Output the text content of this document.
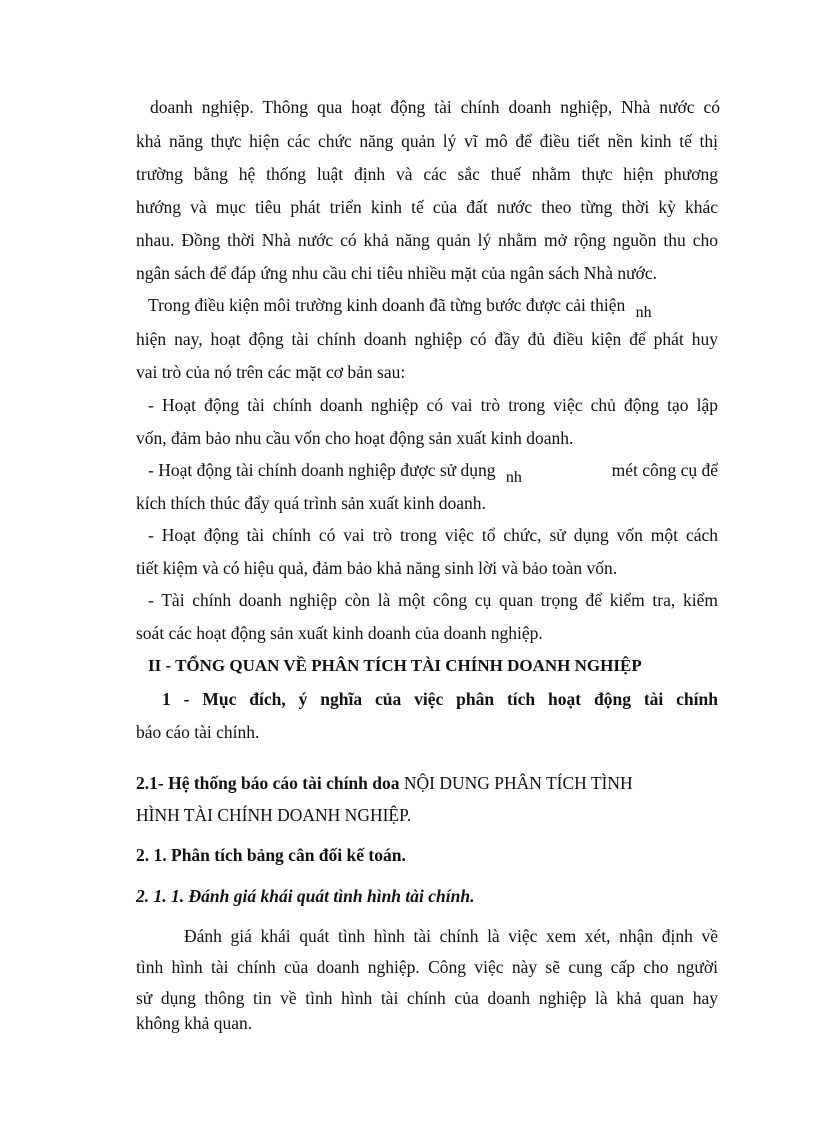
doanh nghiệp. Thông qua hoạt động tài chính doanh nghiệp, Nhà nước có
khả năng thực hiện các chức năng quản lý vĩ mô để điều tiết nền kinh tế thị
trường bằng hệ thống luật định và các sắc thuế nhằm thực hiện phương
hướng và mục tiêu phát triển kinh tế của đất nước theo từng thời kỳ khác
nhau. Đồng thời Nhà nước có khả năng quản lý nhằm mở rộng nguồn thu cho
ngân sách để đáp ứng nhu cầu chi tiêu nhiều mặt của ngân sách Nhà nước.
Trong điều kiện môi trường kinh doanh đã từng bước được cải thiện nh
hiện nay, hoạt động tài chính doanh nghiệp có đầy đủ điều kiện để phát huy
vai trò của nó trên các mặt cơ bản sau:
- Hoạt động tài chính doanh nghiệp có vai trò trong việc chủ động tạo lập
vốn, đảm bảo nhu cầu vốn cho hoạt động sản xuất kinh doanh.
- Hoạt động tài chính doanh nghiệp được sử dụng nh	mét công cụ để
kích thích thúc đẩy quá trình sản xuất kinh doanh.
- Hoạt động tài chính có vai trò trong việc tổ chức, sử dụng vốn một cách
tiết kiệm và có hiệu quả, đảm bảo khả năng sinh lời và bảo toàn vốn.
- Tài chính doanh nghiệp còn là một công cụ quan trọng để kiểm tra, kiểm
soát các hoạt động sản xuất kinh doanh của doanh nghiệp.
II - TỔNG QUAN VỀ PHÂN TÍCH TÀI CHÍNH DOANH NGHIỆP
1 - Mục đích, ý nghĩa của việc phân tích hoạt động tài chính
báo cáo tài chính.
2.1- Hệ thống báo cáo tài chính doa NỘI DUNG PHÂN TÍCH TÌNH
HÌNH TÀI CHÍNH DOANH NGHIỆP.
2. 1. Phân tích bảng cân đối kế toán.
2. 1. 1. Đánh giá khái quát tình hình tài chính.
Đánh giá khái quát tình hình tài chính là việc xem xét, nhận định về
tình hình tài chính của doanh nghiệp. Công việc này sẽ cung cấp cho người
sử dụng thông tin về tình hình tài chính của doanh nghiệp là khả quan hay
không khả quan.
